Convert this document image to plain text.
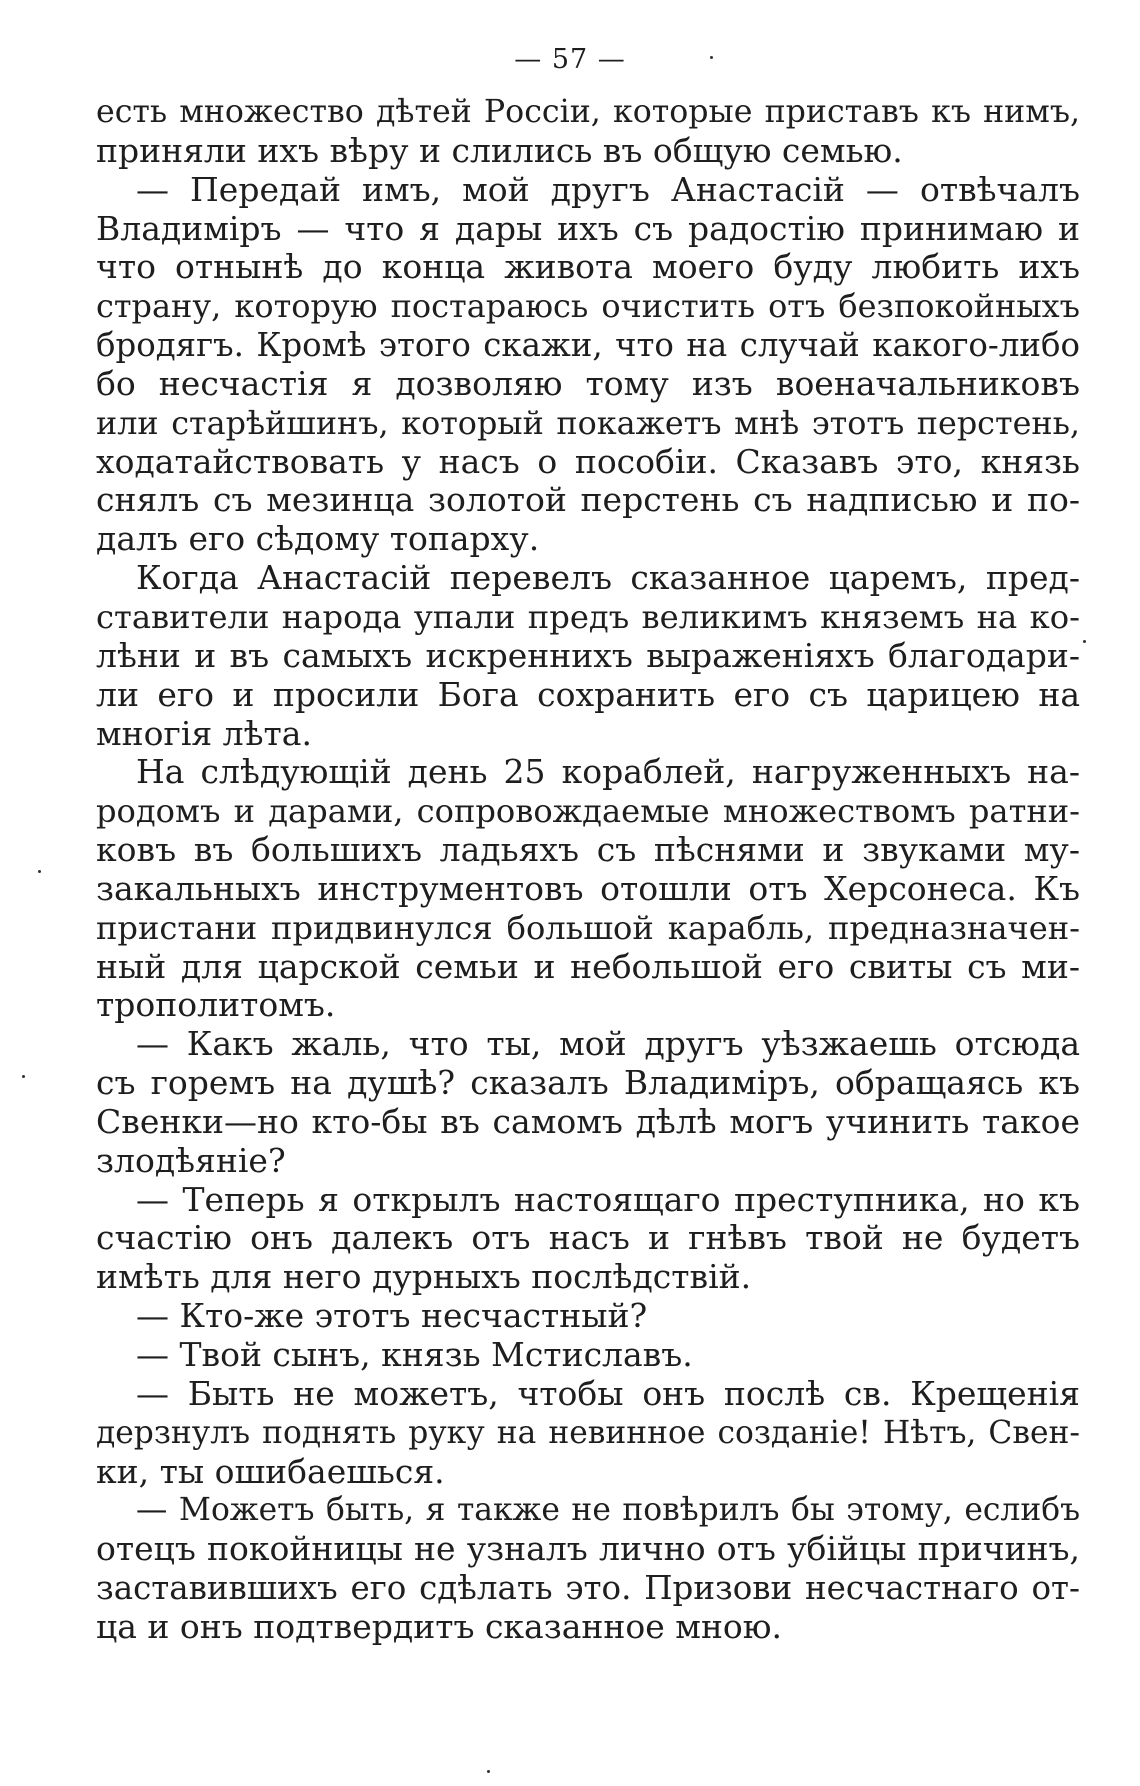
— 57 —
есть множество дѣтей Россіи, которые приставъ къ нимъ,
приняли ихъ вѣру и слились въ общую семью.
— Передай имъ, мой другъ Анастасій — отвѣчалъ
Владиміръ — что я дары ихъ съ радостію принимаю и
что отнынѣ до конца живота моего буду любить ихъ
страну, которую постараюсь очистить отъ безпокойныхъ
бродягъ. Кромѣ этого скажи, что на случай какого-либо
бо несчастія я дозволяю тому изъ военачальниковъ
или старѣйшинъ, который покажетъ мнѣ этотъ перстень,
ходатайствовать у насъ о пособіи. Сказавъ это, князь
снялъ съ мезинца золотой перстень съ надписью и по-
далъ его сѣдому топарху.
Когда Анастасій перевелъ сказанное царемъ, пред-
ставители народа упали предъ великимъ княземъ на ко-
лѣни и въ самыхъ искреннихъ выраженіяхъ благодари-
ли его и просили Бога сохранить его съ царицею на
многія лѣта.
На слѣдующій день 25 кораблей, нагруженныхъ на-
родомъ и дарами, сопровождаемые множествомъ ратни-
ковъ въ большихъ ладьяхъ съ пѣснями и звуками му-
закальныхъ инструментовъ отошли отъ Херсонеса. Къ
пристани придвинулся большой карабль, предназначен-
ный для царской семьи и небольшой его свиты съ ми-
трополитомъ.
— Какъ жаль, что ты, мой другъ уѣзжаешь отсюда
съ горемъ на душѣ? сказалъ Владиміръ, обращаясь къ
Свенки—но кто-бы въ самомъ дѣлѣ могъ учинить такое
злодѣяніе?
— Теперь я открылъ настоящаго преступника, но къ
счастію онъ далекъ отъ насъ и гнѣвъ твой не будетъ
имѣть для него дурныхъ послѣдствій.
— Кто-же этотъ несчастный?
— Твой сынъ, князь Мстиславъ.
— Быть не можетъ, чтобы онъ послѣ св. Крещенія
дерзнулъ поднять руку на невинное созданіе! Нѣтъ, Свен-
ки, ты ошибаешься.
— Можетъ быть, я также не повѣрилъ бы этому, еслибъ
отецъ покойницы не узналъ лично отъ убійцы причинъ,
заставившихъ его сдѣлать это. Призови несчастнаго от-
ца и онъ подтвердитъ сказанное мною.
